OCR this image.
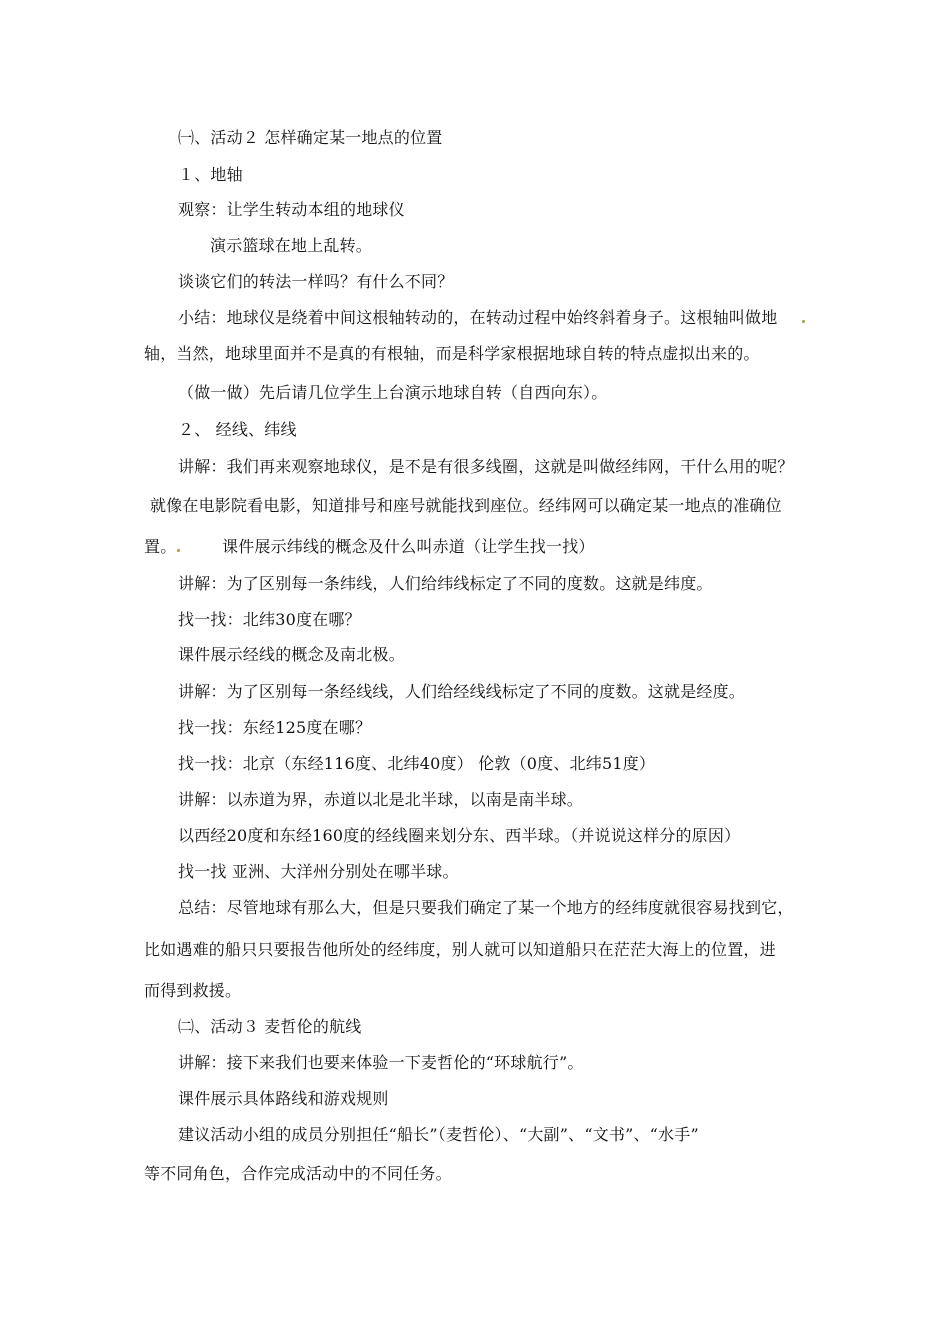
㈠、活动２ 怎样确定某一地点的位置
１、地轴
观察：让学生转动本组的地球仪
演示篮球在地上乱转。
谈谈它们的转法一样吗？有什么不同？
小结：地球仪是绕着中间这根轴转动的，在转动过程中始终斜着身子。这根轴叫做地
轴，当然，地球里面并不是真的有根轴，而是科学家根据地球自转的特点虚拟出来的。
（做一做）先后请几位学生上台演示地球自转（自西向东）。
２、 经线、纬线
讲解：我们再来观察地球仪，是不是有很多线圈，这就是叫做经纬网，干什么用的呢？
就像在电影院看电影，知道排号和座号就能找到座位。经纬网可以确定某一地点的准确位
置。	课件展示纬线的概念及什么叫赤道（让学生找一找）
讲解：为了区别每一条纬线，人们给纬线标定了不同的度数。这就是纬度。
找一找：北纬30度在哪？
课件展示经线的概念及南北极。
讲解：为了区别每一条经线线，人们给经线线标定了不同的度数。这就是经度。
找一找：东经125度在哪？
找一找：北京（东经116度、北纬40度） 伦敦（0度、北纬51度）
讲解：以赤道为界，赤道以北是北半球，以南是南半球。
以西经20度和东经160度的经线圈来划分东、西半球。（并说说这样分的原因）
找一找 亚洲、大洋州分别处在哪半球。
总结：尽管地球有那么大，但是只要我们确定了某一个地方的经纬度就很容易找到它，
比如遇难的船只只要报告他所处的经纬度，别人就可以知道船只在茫茫大海上的位置，进
而得到救援。
㈡、活动３ 麦哲伦的航线
讲解：接下来我们也要来体验一下麦哲伦的“环球航行”。
课件展示具体路线和游戏规则
建议活动小组的成员分别担任“船长”（麦哲伦）、“大副”、“文书”、“水手”
等不同角色，合作完成活动中的不同任务。
